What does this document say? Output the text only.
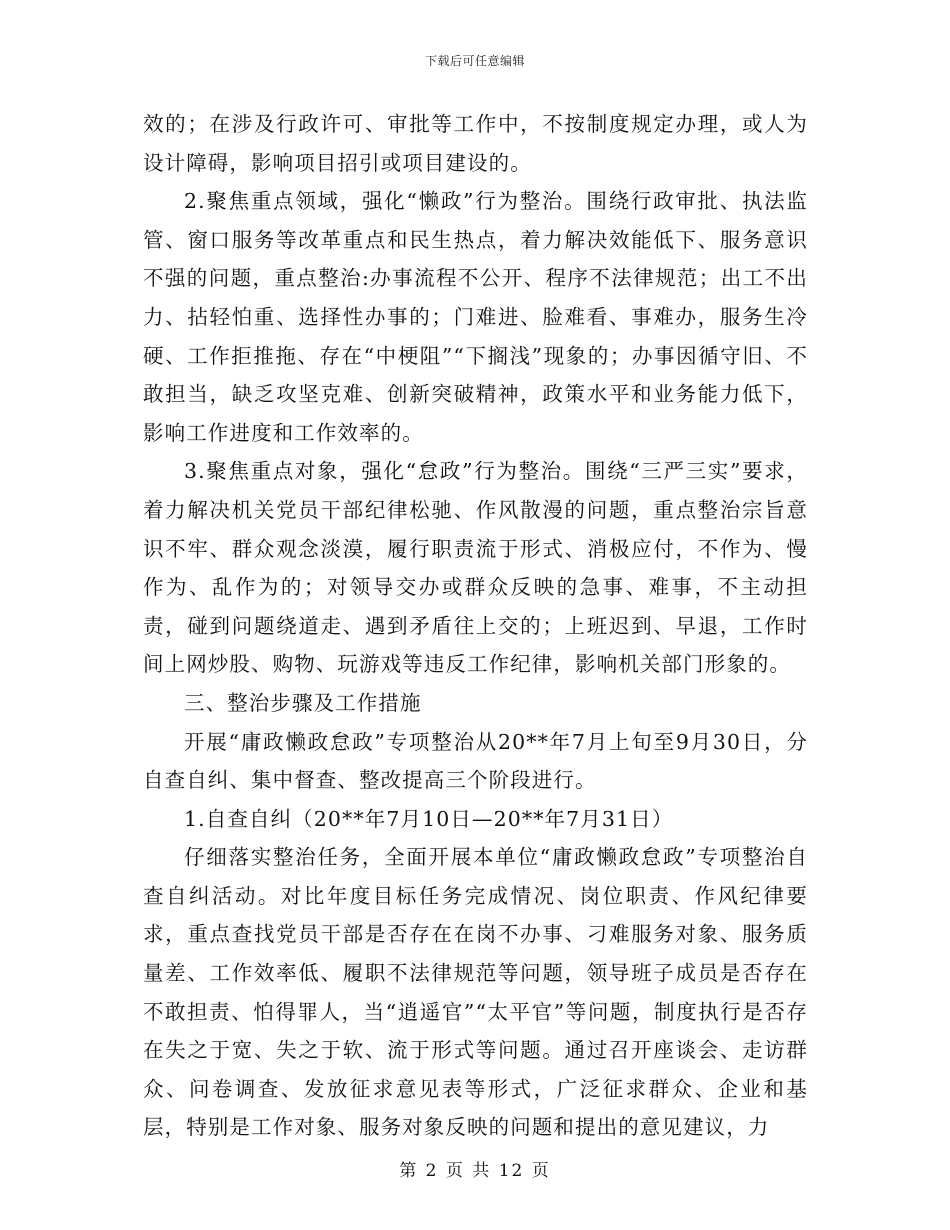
下载后可任意编辑

效的；在涉及行政许可、审批等工作中，不按制度规定办理，或人为设计障碍，影响项目招引或项目建设的。

2.聚焦重点领域，强化“懒政”行为整治。围绕行政审批、执法监管、窗口服务等改革重点和民生热点，着力解决效能低下、服务意识不强的问题，重点整治:办事流程不公开、程序不法律规范；出工不出力、拈轻怕重、选择性办事的；门难进、脸难看、事难办，服务生冷硬、工作拒推拖、存在“中梗阻”“下搁浅”现象的；办事因循守旧、不敢担当，缺乏攻坚克难、创新突破精神，政策水平和业务能力低下，影响工作进度和工作效率的。

3.聚焦重点对象，强化“怠政”行为整治。围绕“三严三实”要求，着力解决机关党员干部纪律松驰、作风散漫的问题，重点整治宗旨意识不牢、群众观念淡漠，履行职责流于形式、消极应付，不作为、慢作为、乱作为的；对领导交办或群众反映的急事、难事，不主动担责，碰到问题绕道走、遇到矛盾往上交的；上班迟到、早退，工作时间上网炒股、购物、玩游戏等违反工作纪律，影响机关部门形象的。

三、整治步骤及工作措施

开展“庸政懒政怠政”专项整治从20**年7月上旬至9月30日，分自查自纠、集中督查、整改提高三个阶段进行。

1.自查自纠（20**年7月10日—20**年7月31日）

仔细落实整治任务，全面开展本单位“庸政懒政怠政”专项整治自查自纠活动。对比年度目标任务完成情况、岗位职责、作风纪律要求，重点查找党员干部是否存在在岗不办事、刁难服务对象、服务质量差、工作效率低、履职不法律规范等问题，领导班子成员是否存在不敢担责、怕得罪人，当“逍遥官”“太平官”等问题，制度执行是否存在失之于宽、失之于软、流于形式等问题。通过召开座谈会、走访群众、问卷调查、发放征求意见表等形式，广泛征求群众、企业和基层，特别是工作对象、服务对象反映的问题和提出的意见建议，力

第 2 页 共 12 页
